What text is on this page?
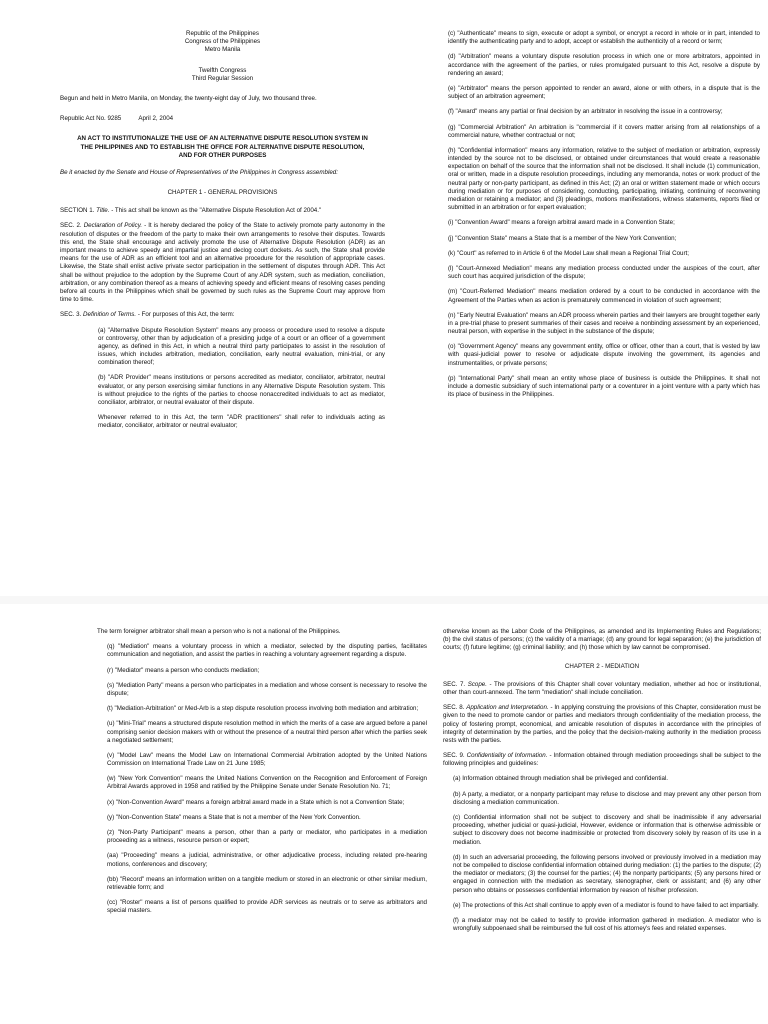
Republic of the Philippines

Congress of the Philippines

Metro Manila

Twelfth Congress

Third Regular Session

Begun and held in Metro Manila, on Monday, the twenty-eight day of July, two thousand three.

Republic Act No. 9285	April 2, 2004

AN ACT TO INSTITUTIONALIZE THE USE OF AN ALTERNATIVE DISPUTE RESOLUTION SYSTEM IN THE PHILIPPINES AND TO ESTABLISH THE OFFICE FOR ALTERNATIVE DISPUTE RESOLUTION, AND FOR OTHER PURPOSES

Be it enacted by the Senate and House of Representatives of the Philippines in Congress assembled:

CHAPTER 1 - GENERAL PROVISIONS

SECTION 1. Title. - This act shall be known as the "Alternative Dispute Resolution Act of 2004."

SEC. 2. Declaration of Policy. - It is hereby declared the policy of the State to actively promote party autonomy in the resolution of disputes or the freedom of the party to make their own arrangements to resolve their disputes. Towards this end, the State shall encourage and actively promote the use of Alternative Dispute Resolution (ADR) as an important means to achieve speedy and impartial justice and declog court dockets. As such, the State shall provide means for the use of ADR as an efficient tool and an alternative procedure for the resolution of appropriate cases. Likewise, the State shall enlist active private sector participation in the settlement of disputes through ADR. This Act shall be without prejudice to the adoption by the Supreme Court of any ADR system, such as mediation, conciliation, arbitration, or any combination thereof as a means of achieving speedy and efficient means of resolving cases pending before all courts in the Philippines which shall be governed by such rules as the Supreme Court may approve from time to time.

SEC. 3. Definition of Terms. - For purposes of this Act, the term:

(a) "Alternative Dispute Resolution System" means any process or procedure used to resolve a dispute or controversy, other than by adjudication of a presiding judge of a court or an officer of a government agency, as defined in this Act, in which a neutral third party participates to assist in the resolution of issues, which includes arbitration, mediation, conciliation, early neutral evaluation, mini-trial, or any combination thereof;

(b) "ADR Provider" means institutions or persons accredited as mediator, conciliator, arbitrator, neutral evaluator, or any person exercising similar functions in any Alternative Dispute Resolution system. This is without prejudice to the rights of the parties to choose nonaccredited individuals to act as mediator, conciliator, arbitrator, or neutral evaluator of their dispute.

Whenever referred to in this Act, the term "ADR practitioners" shall refer to individuals acting as mediator, conciliator, arbitrator or neutral evaluator;

(c) "Authenticate" means to sign, execute or adopt a symbol, or encrypt a record in whole or in part, intended to identify the authenticating party and to adopt, accept or establish the authenticity of a record or term;

(d) "Arbitration" means a voluntary dispute resolution process in which one or more arbitrators, appointed in accordance with the agreement of the parties, or rules promulgated pursuant to this Act, resolve a dispute by rendering an award;

(e) "Arbitrator" means the person appointed to render an award, alone or with others, in a dispute that is the subject of an arbitration agreement;

(f) "Award" means any partial or final decision by an arbitrator in resolving the issue in a controversy;

(g) "Commercial Arbitration" An arbitration is "commercial if it covers matter arising from all relationships of a commercial nature, whether contractual or not;

(h) "Confidential information" means any information, relative to the subject of mediation or arbitration, expressly intended by the source not to be disclosed, or obtained under circumstances that would create a reasonable expectation on behalf of the source that the information shall not be disclosed. It shall include (1) communication, oral or written, made in a dispute resolution proceedings, including any memoranda, notes or work product of the neutral party or non-party participant, as defined in this Act; (2) an oral or written statement made or which occurs during mediation or for purposes of considering, conducting, participating, initiating, continuing of reconvening mediation or retaining a mediator; and (3) pleadings, motions manifestations, witness statements, reports filed or submitted in an arbitration or for expert evaluation;

(i) "Convention Award" means a foreign arbitral award made in a Convention State;

(j) "Convention State" means a State that is a member of the New York Convention;

(k) "Court" as referred to in Article 6 of the Model Law shall mean a Regional Trial Court;

(l) "Court-Annexed Mediation" means any mediation process conducted under the auspices of the court, after such court has acquired jurisdiction of the dispute;

(m) "Court-Referred Mediation" means mediation ordered by a court to be conducted in accordance with the Agreement of the Parties when as action is prematurely commenced in violation of such agreement;

(n) "Early Neutral Evaluation" means an ADR process wherein parties and their lawyers are brought together early in a pre-trial phase to present summaries of their cases and receive a nonbinding assessment by an experienced, neutral person, with expertise in the subject in the substance of the dispute;

(o) "Government Agency" means any government entity, office or officer, other than a court, that is vested by law with quasi-judicial power to resolve or adjudicate dispute involving the government, its agencies and instrumentalities, or private persons;

(p) "International Party" shall mean an entity whose place of business is outside the Philippines. It shall not include a domestic subsidiary of such international party or a coventurer in a joint venture with a party which has its place of business in the Philippines.

The term foreigner arbitrator shall mean a person who is not a national of the Philippines.

(q) "Mediation" means a voluntary process in which a mediator, selected by the disputing parties, facilitates communication and negotiation, and assist the parties in reaching a voluntary agreement regarding a dispute.

(r) "Mediator" means a person who conducts mediation;

(s) "Mediation Party" means a person who participates in a mediation and whose consent is necessary to resolve the dispute;

(t) "Mediation-Arbitration" or Med-Arb is a step dispute resolution process involving both mediation and arbitration;

(u) "Mini-Trial" means a structured dispute resolution method in which the merits of a case are argued before a panel comprising senior decision makers with or without the presence of a neutral third person after which the parties seek a negotiated settlement;

(v) "Model Law" means the Model Law on International Commercial Arbitration adopted by the United Nations Commission on International Trade Law on 21 June 1985;

(w) "New York Convention" means the United Nations Convention on the Recognition and Enforcement of Foreign Arbitral Awards approved in 1958 and ratified by the Philippine Senate under Senate Resolution No. 71;

(x) "Non-Convention Award" means a foreign arbitral award made in a State which is not a Convention State;

(y) "Non-Convention State" means a State that is not a member of the New York Convention.

(z) "Non-Party Participant" means a person, other than a party or mediator, who participates in a mediation proceeding as a witness, resource person or expert;

(aa) "Proceeding" means a judicial, administrative, or other adjudicative process, including related pre-hearing motions, conferences and discovery;

(bb) "Record" means an information written on a tangible medium or stored in an electronic or other similar medium, retrievable form; and

(cc) "Roster" means a list of persons qualified to provide ADR services as neutrals or to serve as arbitrators and special masters.

otherwise known as the Labor Code of the Philippines, as amended and its Implementing Rules and Regulations; (b) the civil status of persons; (c) the validity of a marriage; (d) any ground for legal separation; (e) the jurisdiction of courts; (f) future legitime; (g) criminal liability; and (h) those which by law cannot be compromised.

CHAPTER 2 - MEDIATION

SEC. 7. Scope. - The provisions of this Chapter shall cover voluntary mediation, whether ad hoc or institutional, other than court-annexed. The term "mediation" shall include conciliation.

SEC. 8. Application and Interpretation. - In applying construing the provisions of this Chapter, consideration must be given to the need to promote candor or parties and mediators through confidentiality of the mediation process, the policy of fostering prompt, economical, and amicable resolution of disputes in accordance with the principles of integrity of determination by the parties, and the policy that the decision-making authority in the mediation process rests with the parties.

SEC. 9. Confidentiality of Information. - Information obtained through mediation proceedings shall be subject to the following principles and guidelines:

(a) Information obtained through mediation shall be privileged and confidential.

(b) A party, a mediator, or a nonparty participant may refuse to disclose and may prevent any other person from disclosing a mediation communication.

(c) Confidential information shall not be subject to discovery and shall be inadmissible if any adversarial proceeding, whether judicial or quasi-judicial, However, evidence or information that is otherwise admissible or subject to discovery does not become inadmissible or protected from discovery solely by reason of its use in a mediation.

(d) In such an adversarial proceeding, the following persons involved or previously involved in a mediation may not be compelled to disclose confidential information obtained during mediation: (1) the parties to the dispute; (2) the mediator or mediators; (3) the counsel for the parties; (4) the nonparty participants; (5) any persons hired or engaged in connection with the mediation as secretary, stenographer, clerk or assistant; and (6) any other person who obtains or possesses confidential information by reason of his/her profession.

(e) The protections of this Act shall continue to apply even of a mediator is found to have failed to act impartially.

(f) a mediator may not be called to testify to provide information gathered in mediation. A mediator who is wrongfully subpoenaed shall be reimbursed the full cost of his attorney's fees and related expenses.
